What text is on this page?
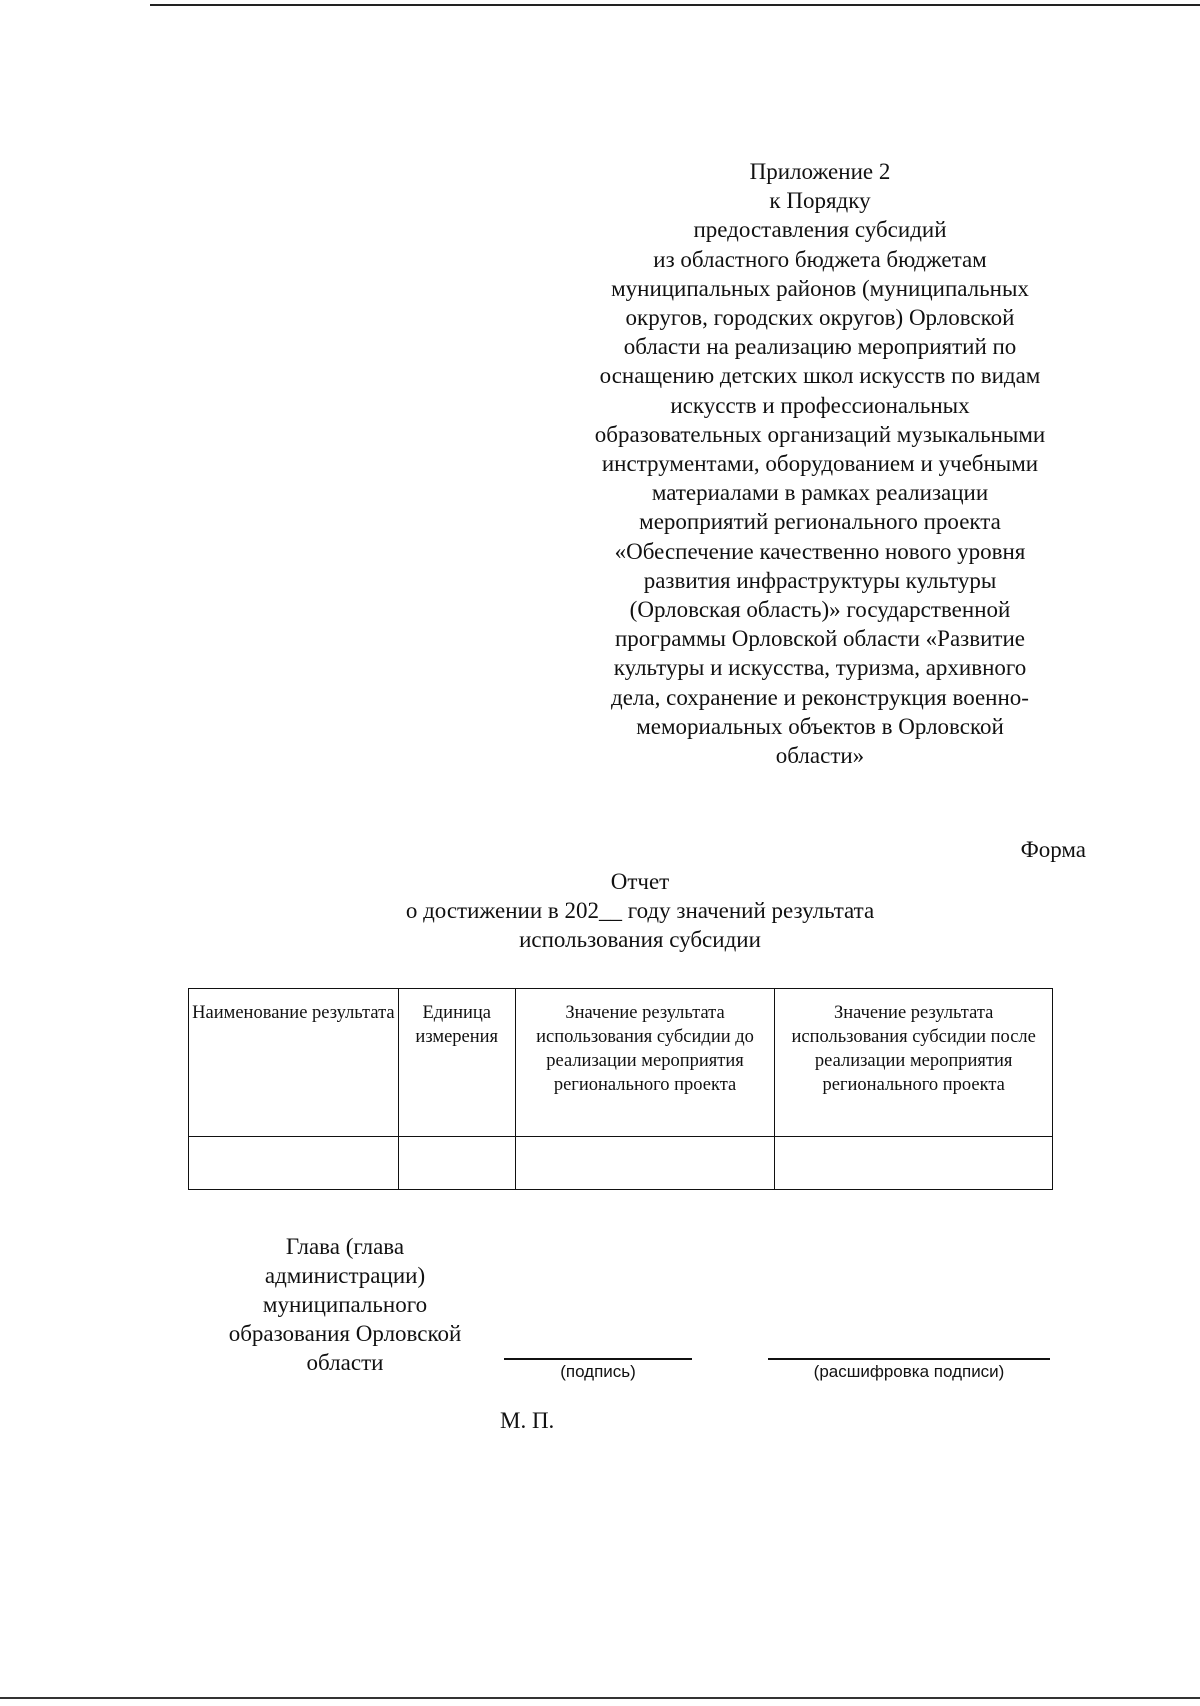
Приложение 2
к Порядку
предоставления субсидий
из областного бюджета бюджетам
муниципальных районов (муниципальных
округов, городских округов) Орловской
области на реализацию мероприятий по
оснащению детских школ искусств по видам
искусств и профессиональных
образовательных организаций музыкальными
инструментами, оборудованием и учебными
материалами в рамках реализации
мероприятий регионального проекта
«Обеспечение качественно нового уровня
развития инфраструктуры культуры
(Орловская область)» государственной
программы Орловской области «Развитие
культуры и искусства, туризма, архивного
дела, сохранение и реконструкция военно-
мемориальных объектов в Орловской
области»
Форма
Отчет
о достижении в 202__ году значений результата
использования субсидии
Наименование результата	Единица измерения	Значение результата использования субсидии до реализации мероприятия регионального проекта	Значение результата использования субсидии после реализации мероприятия регионального проекта

Глава (глава
администрации)
муниципального
образования Орловской
области	(подпись)	(расшифровка подписи)
М. П.
